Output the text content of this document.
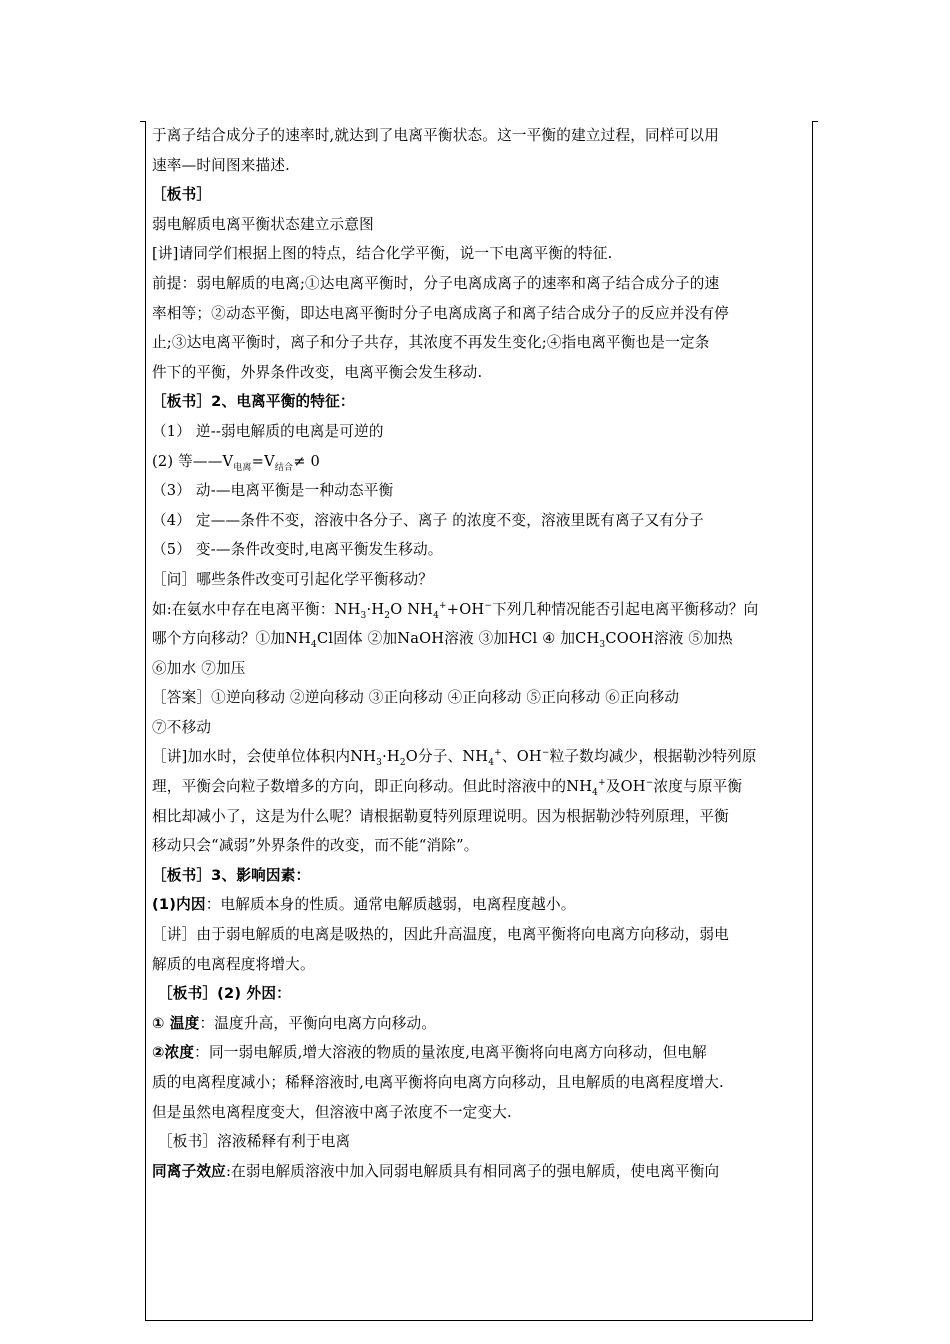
于离子结合成分子的速率时,就达到了电离平衡状态。这一平衡的建立过程，同样可以用
速率—时间图来描述.
［板书］
弱电解质电离平衡状态建立示意图
[讲]请同学们根据上图的特点，结合化学平衡，说一下电离平衡的特征.
前提：弱电解质的电离;①达电离平衡时，分子电离成离子的速率和离子结合成分子的速
率相等；②动态平衡，即达电离平衡时分子电离成离子和离子结合成分子的反应并没有停
止;③达电离平衡时，离子和分子共存，其浓度不再发生变化;④指电离平衡也是一定条
件下的平衡，外界条件改变，电离平衡会发生移动.
［板书］2、电离平衡的特征：
（1） 逆--弱电解质的电离是可逆的
(2) 等$——V_{电离}=V_{结合}\ne 0$
（3） 动-—电离平衡是一种动态平衡
（4） 定——条件不变，溶液中各分子、离子 的浓度不变，溶液里既有离子又有分子
（5） 变-—条件改变时,电离平衡发生移动。
［问］哪些条件改变可引起化学平衡移动？
如:在氨水中存在电离平衡：$NH_3\cdot H_2O$ $NH_4^++OH^-$下列几种情况能否引起电离平衡移动？向
哪个方向移动？①加$NH_4Cl$固体 ②加NaOH溶液 ③加HCl ④ 加$CH_3COOH$溶液 ⑤加热
⑥加水 ⑦加压
［答案］①逆向移动 ②逆向移动 ③正向移动 ④正向移动 ⑤正向移动 ⑥正向移动
⑦不移动
［讲]加水时，会使单位体积内$NH_3\cdot H_2O$分子、$NH_4^+$、OH−粒子数均减少，根据勒沙特列原
理，平衡会向粒子数增多的方向，即正向移动。但此时溶液中的$NH_4^+$及OH−浓度与原平衡
相比却减小了，这是为什么呢？请根据勒夏特列原理说明。因为根据勒沙特列原理，平衡
移动只会“减弱”外界条件的改变，而不能“消除”。
［板书］3、影响因素：
(1)内因：电解质本身的性质。通常电解质越弱，电离程度越小。
［讲］由于弱电解质的电离是吸热的，因此升高温度，电离平衡将向电离方向移动，弱电
解质的电离程度将增大。
［板书］(2) 外因：
① 温度：温度升高，平衡向电离方向移动。
②浓度：同一弱电解质,增大溶液的物质的量浓度,电离平衡将向电离方向移动，但电解
质的电离程度减小；稀释溶液时,电离平衡将向电离方向移动，且电解质的电离程度增大.
但是虽然电离程度变大，但溶液中离子浓度不一定变大.
［板书］溶液稀释有利于电离
同离子效应:在弱电解质溶液中加入同弱电解质具有相同离子的强电解质，使电离平衡向
